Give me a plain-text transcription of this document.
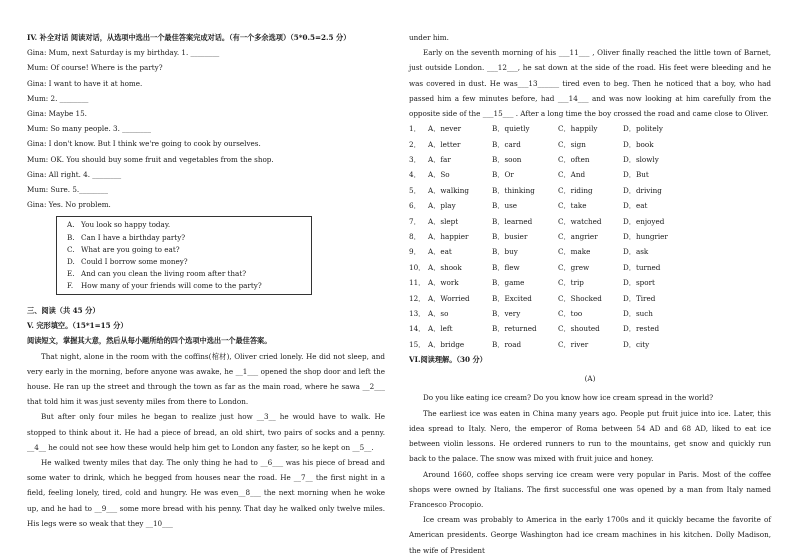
IV. 补全对话 阅读对话，从选项中选出一个最佳答案完成对话。（有一个多余选项）（5*0.5=2.5 分）
Gina: Mum, next Saturday is my birthday. 1. ________
Mum: Of course! Where is the party?
Gina: I want to have it at home.
Mum: 2. ________
Gina: Maybe 15.
Mum: So many people. 3. ________
Gina: I don't know. But I think we're going to cook by ourselves.
Mum: OK. You should buy some fruit and vegetables from the shop.
Gina: All right. 4. ________
Mum: Sure. 5.________
Gina: Yes. No problem.
A. You look so happy today.
B. Can I have a birthday party?
C. What are you going to eat?
D. Could I borrow some money?
E. And can you clean the living room after that?
F. How many of your friends will come to the party?
三、阅读（共 45 分）
V. 完形填空。（15*1=15 分）
阅读短文，掌握其大意，然后从每小题所给的四个选项中选出一个最佳答案。

That night, alone in the room with the coffins(棺材), Oliver cried lonely. He did not sleep, and very early in the morning, before anyone was awake, he __1___ opened the shop door and left the house. He ran up the street and through the town as far as the main road, where he sawa __2___ that told him it was just seventy miles from there to London.

But after only four miles he began to realize just how __3__ he would have to walk. He stopped to think about it. He had a piece of bread, an old shirt, two pairs of socks and a penny. __4__ he could not see how these would help him get to London any faster, so he kept on __5__.

He walked twenty miles that day. The only thing he had to __6___ was his piece of bread and some water to drink, which he begged from houses near the road. He __7__ the first night in a field, feeling lonely, tired, cold and hungry. He was even__8___ the next morning when he woke up, and he had to __9___ some more bread with his penny. That day he walked only twelve miles. His legs were so weak that they __10___

under him.

Early on the seventh morning of his ___11___ , Oliver finally reached the little town of Barnet, just outside London. ___12___, he sat down at the side of the road. His feet were bleeding and he was covered in dust. He was___13______ tired even to beg. Then he noticed that a boy, who had passed him a few minutes before, had ___14___ and was now looking at him carefully from the opposite side of the ___15___ . After a long time the boy crossed the road and came close to Oliver.

1． A．never	B．quietly	C．happily	D．politely
2． A．letter	B．card	C．sign	D．book
3． A．far	B．soon	C．often	D．slowly
4． A．So	B．Or	C．And	D．But
5． A．walking	B．thinking	C．riding	D．driving
6． A．play	B．use	C．take	D．eat
7． A．slept	B．learned	C．watched	D．enjoyed
8． A．happier	B．busier	C．angrier	D．hungrier
9． A．eat	B．buy	C．make	D．ask
10． A．shook	B．flew	C．grew	D．turned
11． A．work	B．game	C．trip	D．sport
12． A．Worried	B．Excited	C．Shocked	D．Tired
13． A．so	B．very	C．too	D．such
14． A．left	B．returned	C．shouted	D．rested
15． A．bridge	B．road	C．river	D．city
VI.阅读理解。（30 分）
(A)

Do you like eating ice cream? Do you know how ice cream spread in the world?

The earliest ice was eaten in China many years ago. People put fruit juice into ice. Later, this idea spread to Italy. Nero, the emperor of Roma between 54 AD and 68 AD, liked to eat ice between violin lessons. He ordered runners to run to the mountains, get snow and quickly run back to the palace. The snow was mixed with fruit juice and honey.

Around 1660, coffee shops serving ice cream were very popular in Paris. Most of the coffee shops were owned by Italians. The first successful one was opened by a man from Italy named Francesco Procopio.

Ice cream was probably to America in the early 1700s and it quickly became the favorite of American presidents. George Washington had ice cream machines in his kitchen. Dolly Madison, the wife of President
